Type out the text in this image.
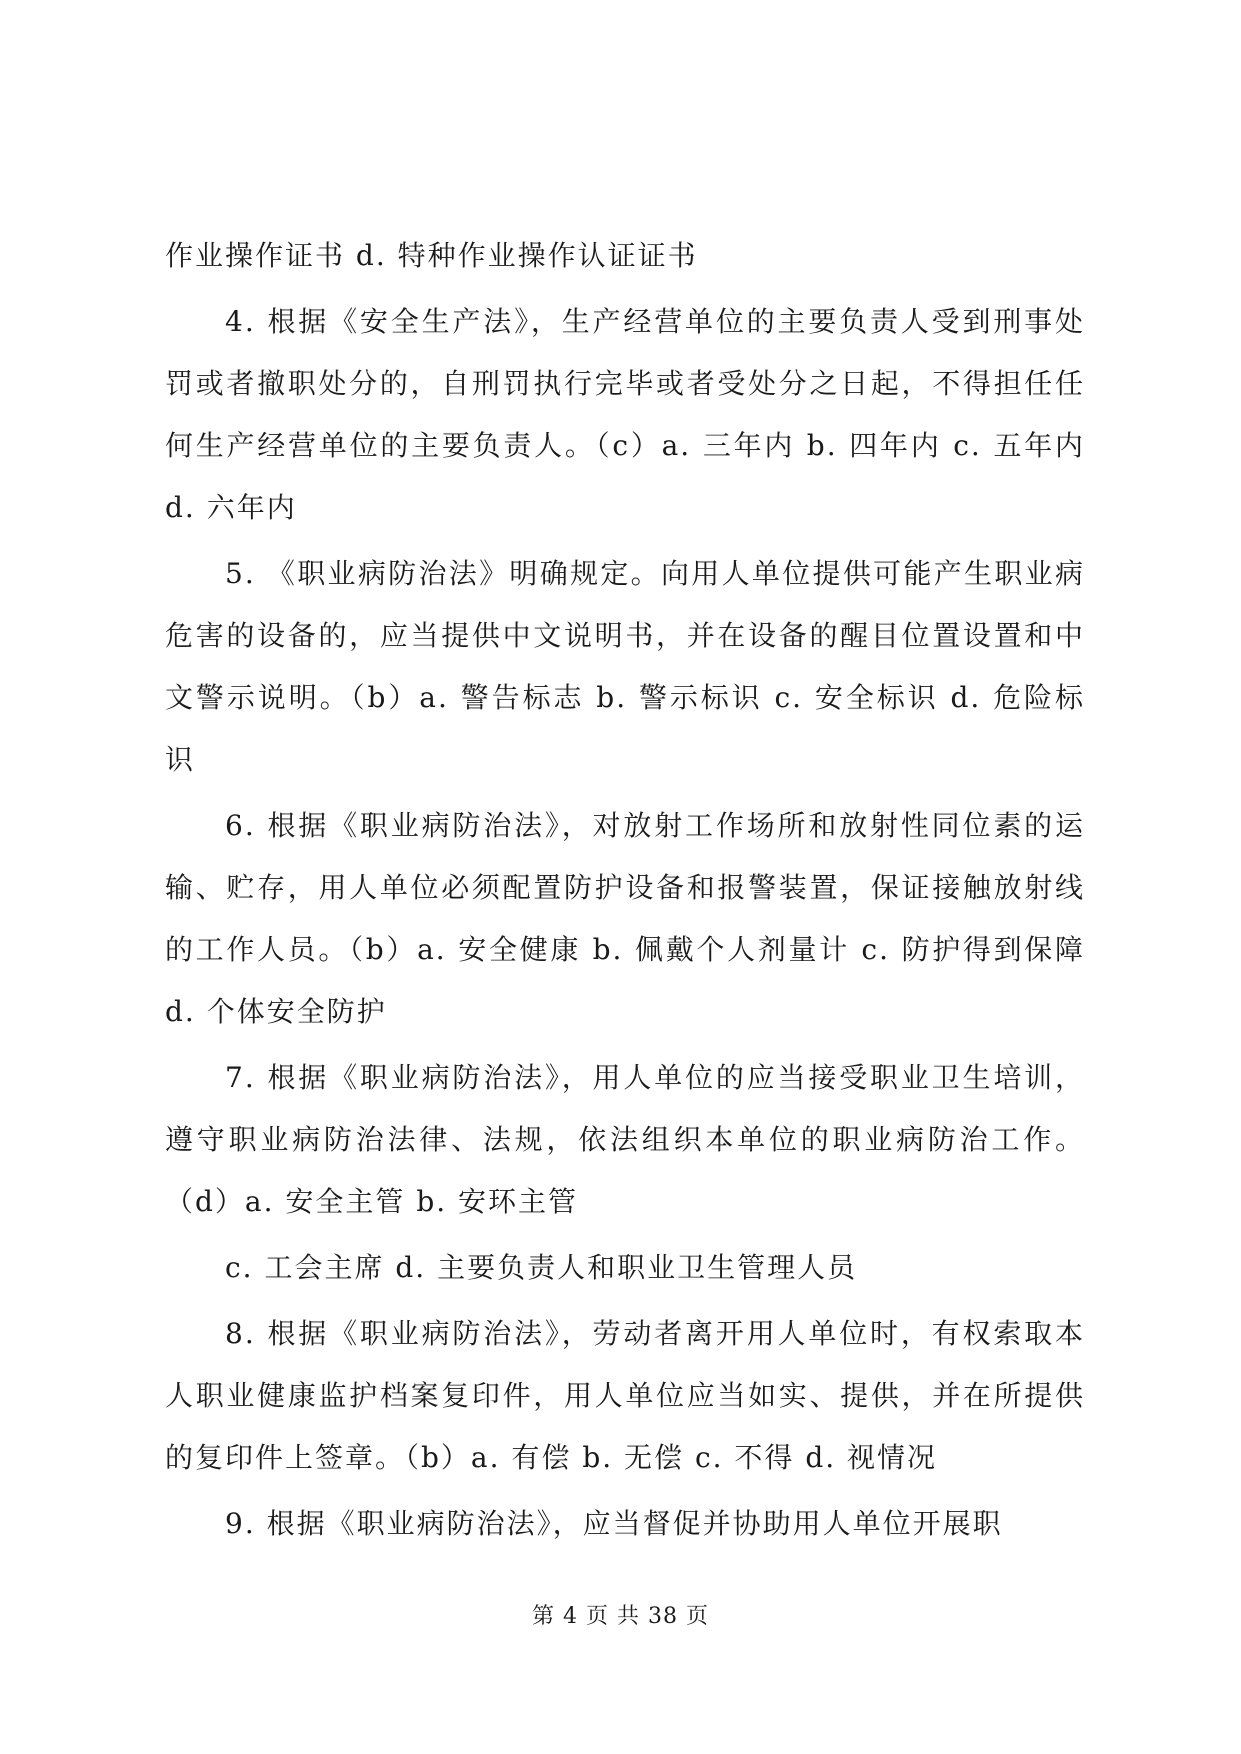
作业操作证书 d. 特种作业操作认证证书

4. 根据《安全生产法》，生产经营单位的主要负责人受到刑事处罚或者撤职处分的，自刑罚执行完毕或者受处分之日起，不得担任任何生产经营单位的主要负责人。（c）a. 三年内 b. 四年内 c. 五年内 d. 六年内

5. 《职业病防治法》明确规定。向用人单位提供可能产生职业病危害的设备的，应当提供中文说明书，并在设备的醒目位置设置和中文警示说明。（b）a. 警告标志 b. 警示标识 c. 安全标识 d. 危险标识

6. 根据《职业病防治法》，对放射工作场所和放射性同位素的运输、贮存，用人单位必须配置防护设备和报警装置，保证接触放射线的工作人员。（b）a. 安全健康 b. 佩戴个人剂量计 c. 防护得到保障 d. 个体安全防护

7. 根据《职业病防治法》，用人单位的应当接受职业卫生培训，遵守职业病防治法律、法规，依法组织本单位的职业病防治工作。（d）a. 安全主管 b. 安环主管

c. 工会主席 d. 主要负责人和职业卫生管理人员

8. 根据《职业病防治法》，劳动者离开用人单位时，有权索取本人职业健康监护档案复印件，用人单位应当如实、提供，并在所提供的复印件上签章。（b）a. 有偿 b. 无偿 c. 不得 d. 视情况

9. 根据《职业病防治法》，应当督促并协助用人单位开展职

第 4 页 共 38 页
